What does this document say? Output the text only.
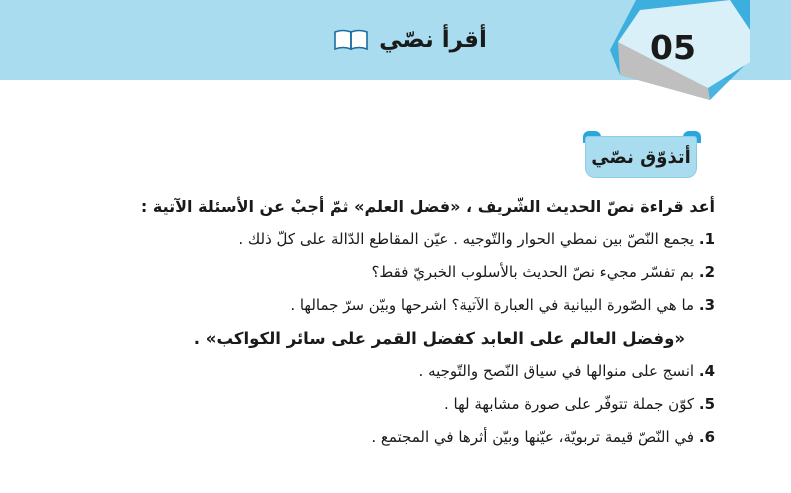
أقرأ نصّي	05
أتذوّق نصّي
أعد قراءة نصّ الحديث الشّريف ، «فضل العلم» ثمّ أجبْ عن الأسئلة الآتية :
1. يجمع النّصّ بين نمطي الحوار والتّوجيه . عيّن المقاطع الدّالة على كلّ ذلك .
2. بم تفسّر مجيء نصّ الحديث بالأسلوب الخبريّ فقط؟
3. ما هي الصّورة البيانية في العبارة الآتية؟ اشرحها وبيّن سرّ جمالها .
«وفضل العالم على العابد كفضل القمر على سائر الكواكب» .
4. انسج على منوالها في سياق النّصح والتّوجيه .
5. كوّن جملة تتوفّر على صورة مشابهة لها .
6. في النّصّ قيمة تربويّة، عيّنها وبيّن أثرها في المجتمع .
